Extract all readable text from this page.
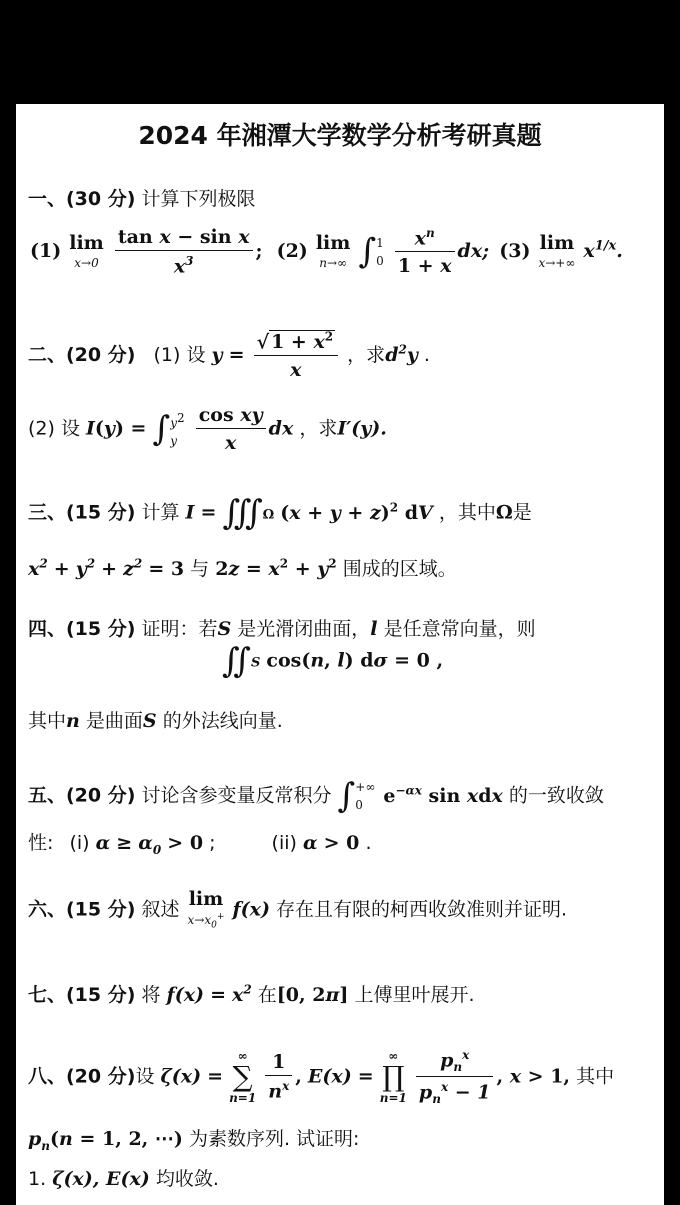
2024 年湘潭大学数学分析考研真题
一、(30 分) 计算下列极限
(1) lim
x→0
$\frac{\text{tan x − sin x}}{x^3}$ ; (2) lim
n→∞ ∫1
$0 \frac{x^n}{1 + x}$ dx; (3) lim
x→+∞
$x^{1/x}$.
二、(20 分) (1) 设 $y = \frac{√ 1 + x^2}{x}$ ，求$d^2y$ .
(2) 设 $I(y) = \int y^2$
y $\frac{\text{cos xy}}{x}$ dx ，求I′(y).
三、(15 分) 计算 I = ∭Ω $(x + y + z)^2$ dV ，其中Ω是
$x^2 + y^2 + z^2 = 3$ 与 $2z = x^2 + y^2$ 围成的区域。
四、(15 分) 证明：若S 是光滑闭曲面，l 是任意常向量，则
∬S cos(n, l) dσ = 0 ,
其中n 是曲面S 的外法线向量.
五、(20 分) 讨论含参变量反常积分 ∫+∞
0 $e^{-\alpha x}$ sin xdx 的一致收敛
性: (i) $\alpha \ge \alpha_0 > 0$ ;	(ii) α > 0 .
六、(15 分) 叙述 lim
$x\to x_0^+$ f(x) 存在且有限的柯西收敛准则并证明.
七、(15 分) 将 $f(x) = x^2$ 在[0, 2π] 上傅里叶展开.
八、(20 分)设 ζ(x) =
∞
∑
n=1
$\frac{1}{n^x}$ , E(x) =
∞
∏
n=1
$\frac{p_n^x}{p_n^x - 1}$ , x > 1, 其中
$p_n(n = 1$, 2, ⋯) 为素数序列. 试证明:
1. ζ(x), E(x) 均收敛.
